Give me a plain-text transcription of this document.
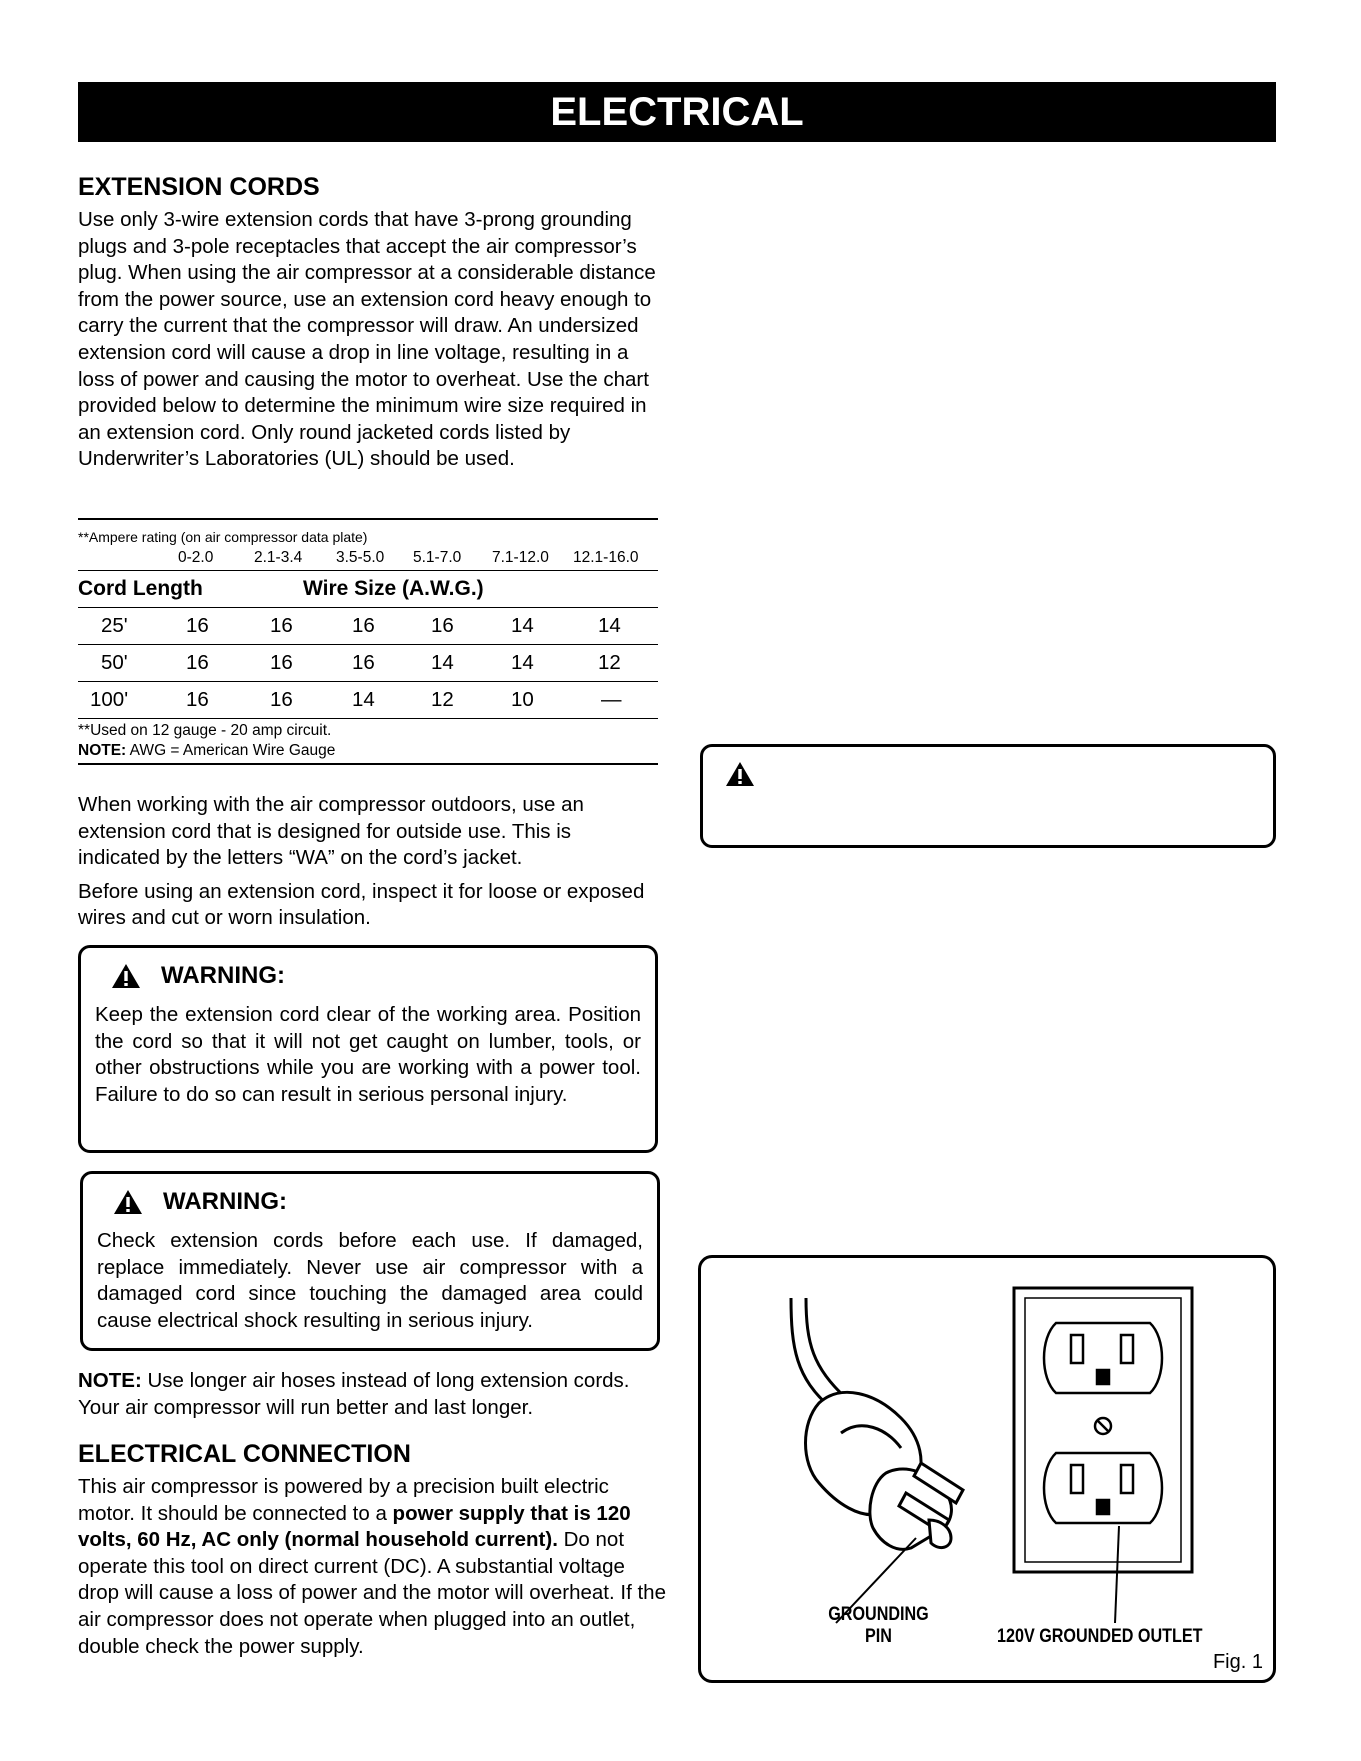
ELECTRICAL
EXTENSION CORDS

Use only 3-wire extension cords that have 3-prong grounding plugs and 3-pole receptacles that accept the air compressor’s plug. When using the air compressor at a considerable distance from the power source, use an extension cord heavy enough to carry the current that the compressor will draw. An undersized extension cord will cause a drop in line voltage, resulting in a loss of power and causing the motor to overheat. Use the chart provided below to determine the minimum wire size required in an extension cord. Only round jacketed cords listed by Underwriter’s Laboratories (UL) should be used.

**Ampere rating (on air compressor data plate)
0-2.0	2.1-3.4 3.5-5.0 5.1-7.0 7.1-12.0 12.1-16.0
Cord Length	Wire Size (A.W.G.)
25'	16	16	16	16	14	14
50'	16	16	16	14	14	12
100'	16	16	14	12	10	—
**Used on 12 gauge - 20 amp circuit.
NOTE: AWG = American Wire Gauge

When working with the air compressor outdoors, use an extension cord that is designed for outside use. This is indicated by the letters “WA” on the cord’s jacket.

Before using an extension cord, inspect it for loose or exposed wires and cut or worn insulation.

WARNING:

Keep the extension cord clear of the working area. Position the cord so that it will not get caught on lumber, tools, or other obstructions while you are working with a power tool. Failure to do so can result in serious personal injury.

WARNING:

Check extension cords before each use. If damaged, replace immediately. Never use air compressor with a damaged cord since touching the damaged area could cause electrical shock resulting in serious injury.

NOTE: Use longer air hoses instead of long extension cords. Your air compressor will run better and last longer.

ELECTRICAL CONNECTION

This air compressor is powered by a precision built electric motor. It should be connected to a power supply that is 120 volts, 60 Hz, AC only (normal household current). Do not operate this tool on direct current (DC). A substantial voltage drop will cause a loss of power and the motor will overheat. If the air compressor does not operate when plugged into an outlet, double check the power supply.

GROUNDING
PIN	120V GROUNDED OUTLET
Fig. 1
